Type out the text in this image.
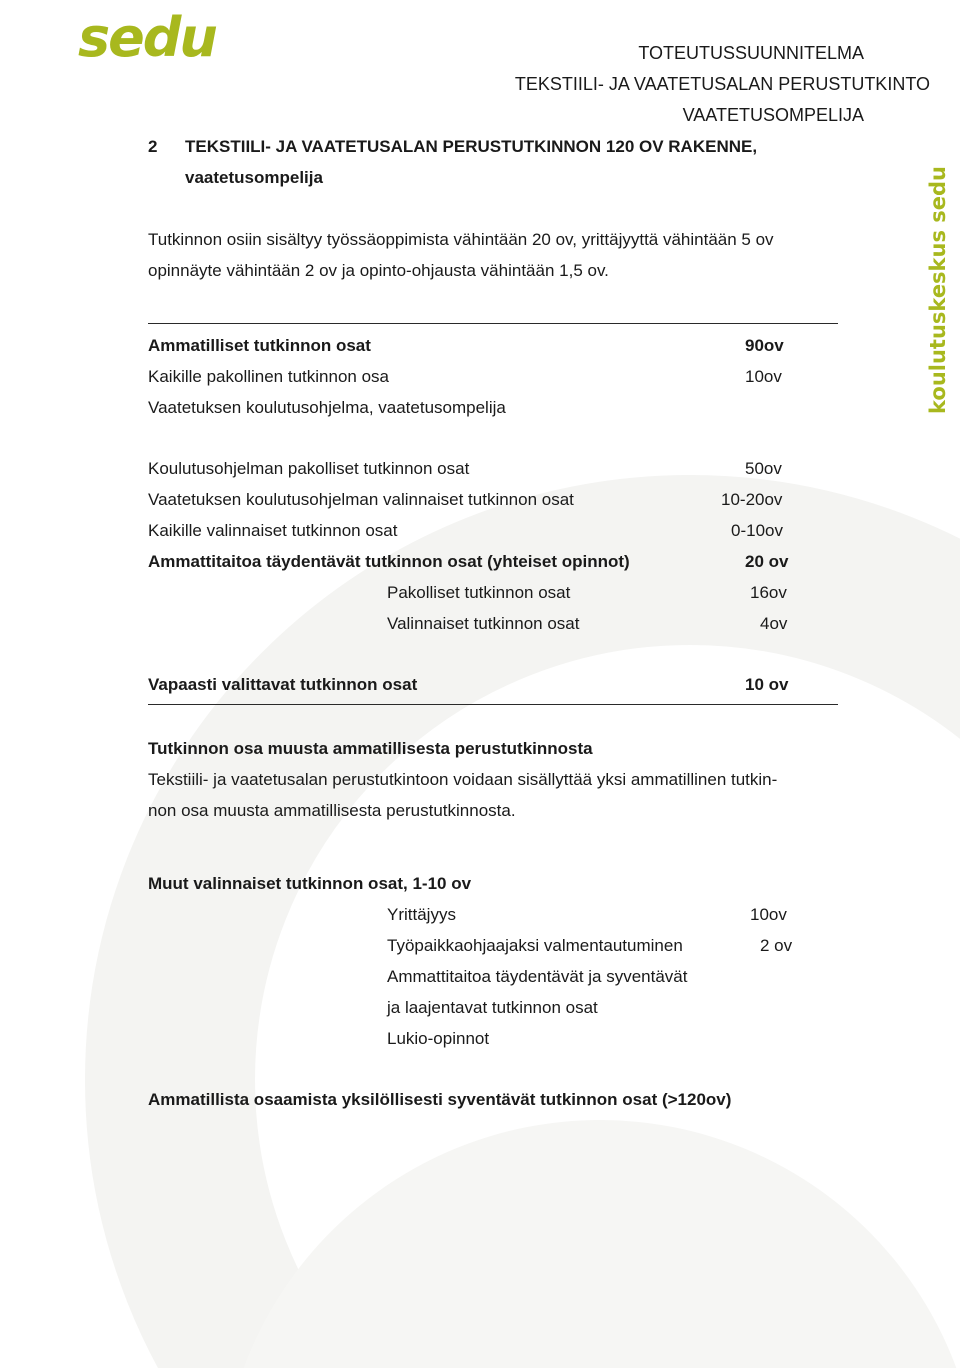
sedu
koulutuskeskus sedu
TOTEUTUSSUUNNITELMA
TEKSTIILI- JA VAATETUSALAN PERUSTUTKINTO
VAATETUSOMPELIJA
2 TEKSTIILI- JA VAATETUSALAN PERUSTUTKINNON 120 OV RAKENNE,
vaatetusompelija
Tutkinnon osiin sisältyy työssäoppimista vähintään 20 ov, yrittäjyyttä vähintään 5 ov
opinnäyte vähintään 2 ov ja opinto-ohjausta vähintään 1,5 ov.
Ammatilliset tutkinnon osat	90ov
Kaikille pakollinen tutkinnon osa	10ov
Vaatetuksen koulutusohjelma, vaatetusompelija
Koulutusohjelman pakolliset tutkinnon osat	50ov
Vaatetuksen koulutusohjelman valinnaiset tutkinnon osat	10-20ov
Kaikille valinnaiset tutkinnon osat	0-10ov
Ammattitaitoa täydentävät tutkinnon osat (yhteiset opinnot)	20 ov
Pakolliset tutkinnon osat	16ov
Valinnaiset tutkinnon osat	4ov
Vapaasti valittavat tutkinnon osat	10 ov
Tutkinnon osa muusta ammatillisesta perustutkinnosta
Tekstiili- ja vaatetusalan perustutkintoon voidaan sisällyttää yksi ammatillinen tutkin-
non osa muusta ammatillisesta perustutkinnosta.
Muut valinnaiset tutkinnon osat, 1-10 ov
Yrittäjyys	10ov
Työpaikkaohjaajaksi valmentautuminen	2 ov
Ammattitaitoa täydentävät ja syventävät
ja laajentavat tutkinnon osat
Lukio-opinnot
Ammatillista osaamista yksilöllisesti syventävät tutkinnon osat (>120ov)
